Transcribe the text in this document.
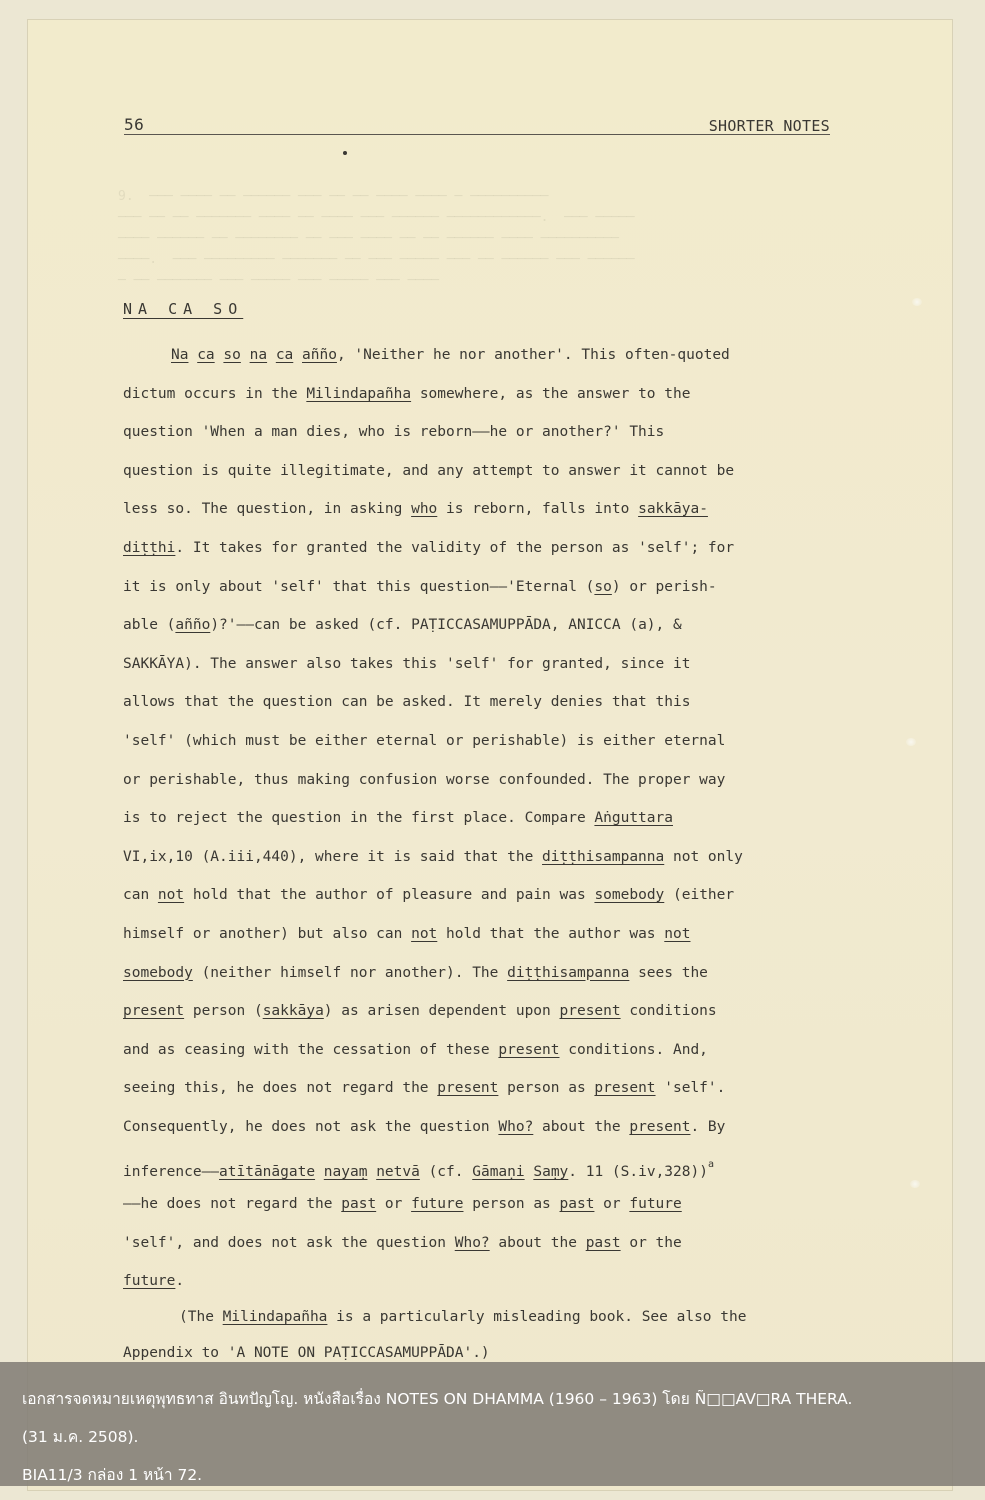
56	SHORTER NOTES
9.  ─── ──── ── ────── ─── ── ── ──── ──── ─ ──────────
─── ── ── ─────── ──── ── ──── ─── ────── ────────────.  ─── ─────
──── ────── ── ──────── ── ─── ──── ── ── ────── ──── ──────────
────.  ─── ───────── ─────── ── ─── ───── ─── ── ────── ─── ──────
─ ── ─────── ─── ───── ─── ───── ─── ────
NA CA SO
Na ca so na ca añño, 'Neither he nor another'. This often-quoted
dictum occurs in the Milindapañha somewhere, as the answer to the
question 'When a man dies, who is reborn——he or another?' This
question is quite illegitimate, and any attempt to answer it cannot be
less so. The question, in asking who is reborn, falls into sakkāya-
diṭṭhi. It takes for granted the validity of the person as 'self'; for
it is only about 'self' that this question——'Eternal (so) or perish-
able (añño)?'——can be asked (cf. PAṬICCASAMUPPĀDA, ANICCA (a), &
SAKKĀYA). The answer also takes this 'self' for granted, since it
allows that the question can be asked. It merely denies that this
'self' (which must be either eternal or perishable) is either eternal
or perishable, thus making confusion worse confounded. The proper way
is to reject the question in the first place. Compare Aṅguttara
VI,ix,10 (A.iii,440), where it is said that the diṭṭhisampanna not only
can not hold that the author of pleasure and pain was somebody (either
himself or another) but also can not hold that the author was not
somebody (neither himself nor another). The diṭṭhisampanna sees the
present person (sakkāya) as arisen dependent upon present conditions
and as ceasing with the cessation of these present conditions. And,
seeing this, he does not regard the present person as present 'self'.
Consequently, he does not ask the question Who? about the present. By
inference——atītānāgate nayaṃ netvā (cf. Gāmaṇi Saṃy. 11 (S.iv,328))$^a$
——he does not regard the past or future person as past or future
'self', and does not ask the question Who? about the past or the
future.
(The Milindapañha is a particularly misleading book. See also the
Appendix to 'A NOTE ON PAṬICCASAMUPPĀDA'.)
เอกสารจดหมายเหตุพุทธทาส อินทปัญโญ. หนังสือเรื่อง NOTES ON DHAMMA (1960 – 1963) โดย Ñ□□AV□RA THERA.
(31 ม.ค. 2508).
BIA11/3 กล่อง 1 หน้า 72.
